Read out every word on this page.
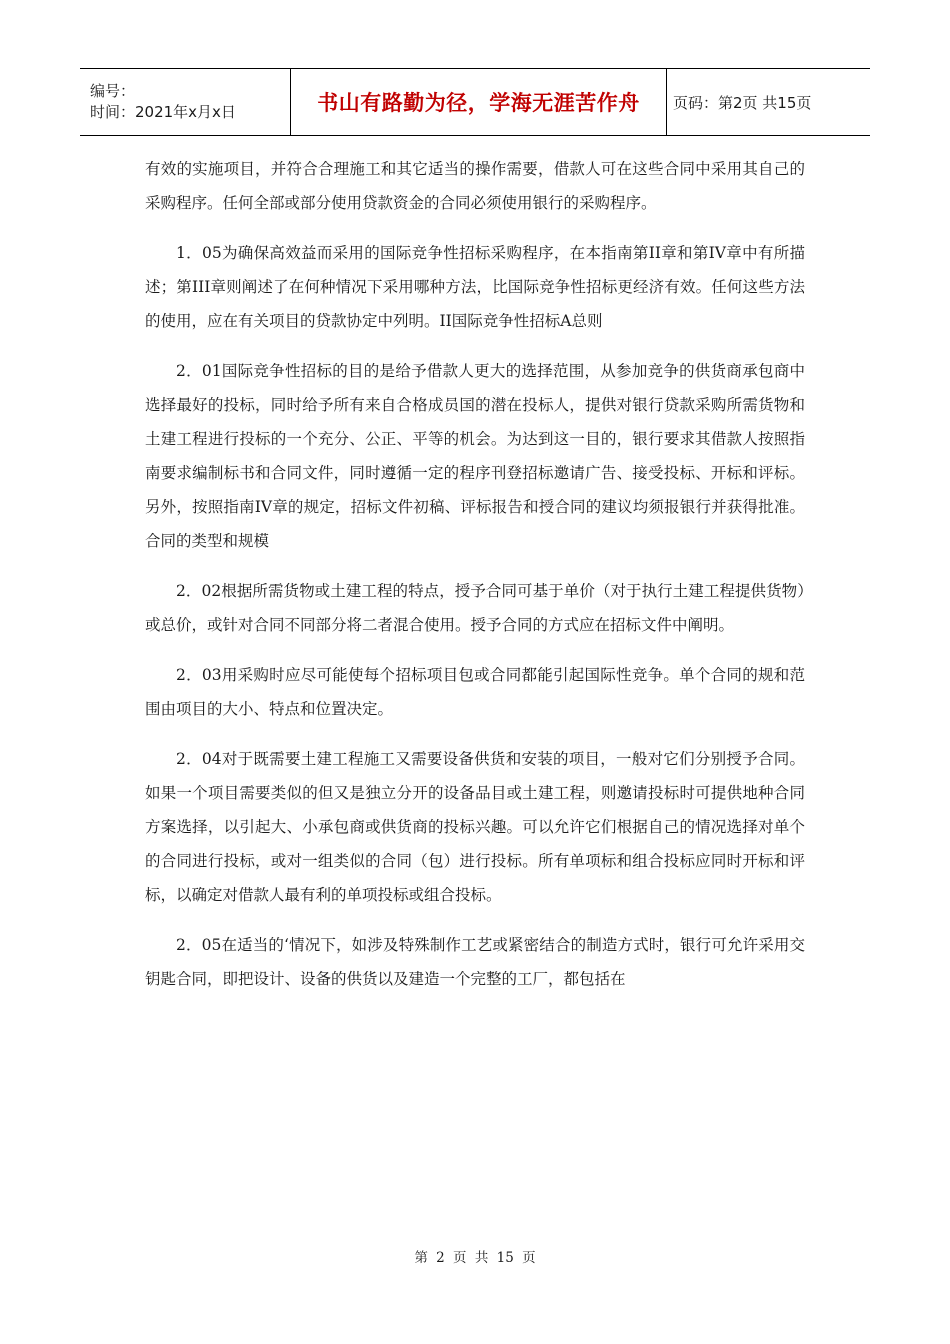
编号：
时间：2021年x月x日	书山有路勤为径，学海无涯苦作舟	页码：第2页 共15页

有效的实施项目，并符合合理施工和其它适当的操作需要，借款人可在这些合同中采用其自己的采购程序。任何全部或部分使用贷款资金的合同必须使用银行的采购程序。

1．05为确保高效益而采用的国际竞争性招标采购程序，在本指南第II章和第IV章中有所描述；第III章则阐述了在何种情况下采用哪种方法，比国际竞争性招标更经济有效。任何这些方法的使用，应在有关项目的贷款协定中列明。II国际竞争性招标A总则

2．01国际竞争性招标的目的是给予借款人更大的选择范围，从参加竞争的供货商承包商中选择最好的投标，同时给予所有来自合格成员国的潜在投标人，提供对银行贷款采购所需货物和土建工程进行投标的一个充分、公正、平等的机会。为达到这一目的，银行要求其借款人按照指南要求编制标书和合同文件，同时遵循一定的程序刊登招标邀请广告、接受投标、开标和评标。另外，按照指南IV章的规定，招标文件初稿、评标报告和授合同的建议均须报银行并获得批准。合同的类型和规模

2．02根据所需货物或土建工程的特点，授予合同可基于单价（对于执行土建工程提供货物）或总价，或针对合同不同部分将二者混合使用。授予合同的方式应在招标文件中阐明。

2．03用采购时应尽可能使每个招标项目包或合同都能引起国际性竞争。单个合同的规和范围由项目的大小、特点和位置决定。

2．04对于既需要土建工程施工又需要设备供货和安装的项目，一般对它们分别授予合同。如果一个项目需要类似的但又是独立分开的设备品目或土建工程，则邀请投标时可提供地种合同方案选择，以引起大、小承包商或供货商的投标兴趣。可以允许它们根据自己的情况选择对单个的合同进行投标，或对一组类似的合同（包）进行投标。所有单项标和组合投标应同时开标和评标，以确定对借款人最有利的单项投标或组合投标。

2．05在适当的‘情况下，如涉及特殊制作工艺或紧密结合的制造方式时，银行可允许采用交钥匙合同，即把设计、设备的供货以及建造一个完整的工厂，都包括在

第 2 页 共 15 页
